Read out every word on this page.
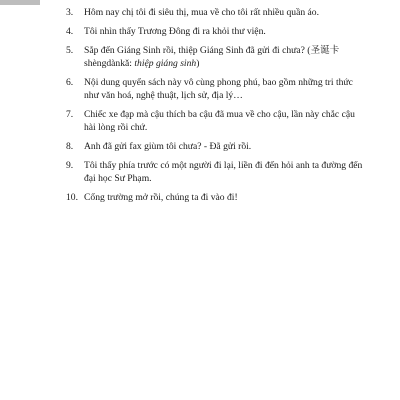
3.	Hôm nay chị tôi đi siêu thị, mua về cho tôi rất nhiều quần áo.
4.	Tôi nhìn thấy Trương Đông đi ra khỏi thư viện.
5.	Sắp đến Giáng Sinh rồi, thiệp Giáng Sinh đã gửi đi chưa? (圣诞卡 shèngdànkǎ: thiệp giáng sinh)
6.	Nội dung quyển sách này vô cùng phong phú, bao gồm những tri thức như văn hoá, nghệ thuật, lịch sử, địa lý…
7.	Chiếc xe đạp mà cậu thích ba cậu đã mua về cho cậu, lần này chắc cậu hài lòng rồi chứ.
8.	Anh đã gửi fax giùm tôi chưa? - Đã gửi rồi.
9.	Tôi thấy phía trước có một người đi lại, liền đi đến hỏi anh ta đường đến đại học Sư Phạm.
10. Cổng trường mở rồi, chúng ta đi vào đi!
